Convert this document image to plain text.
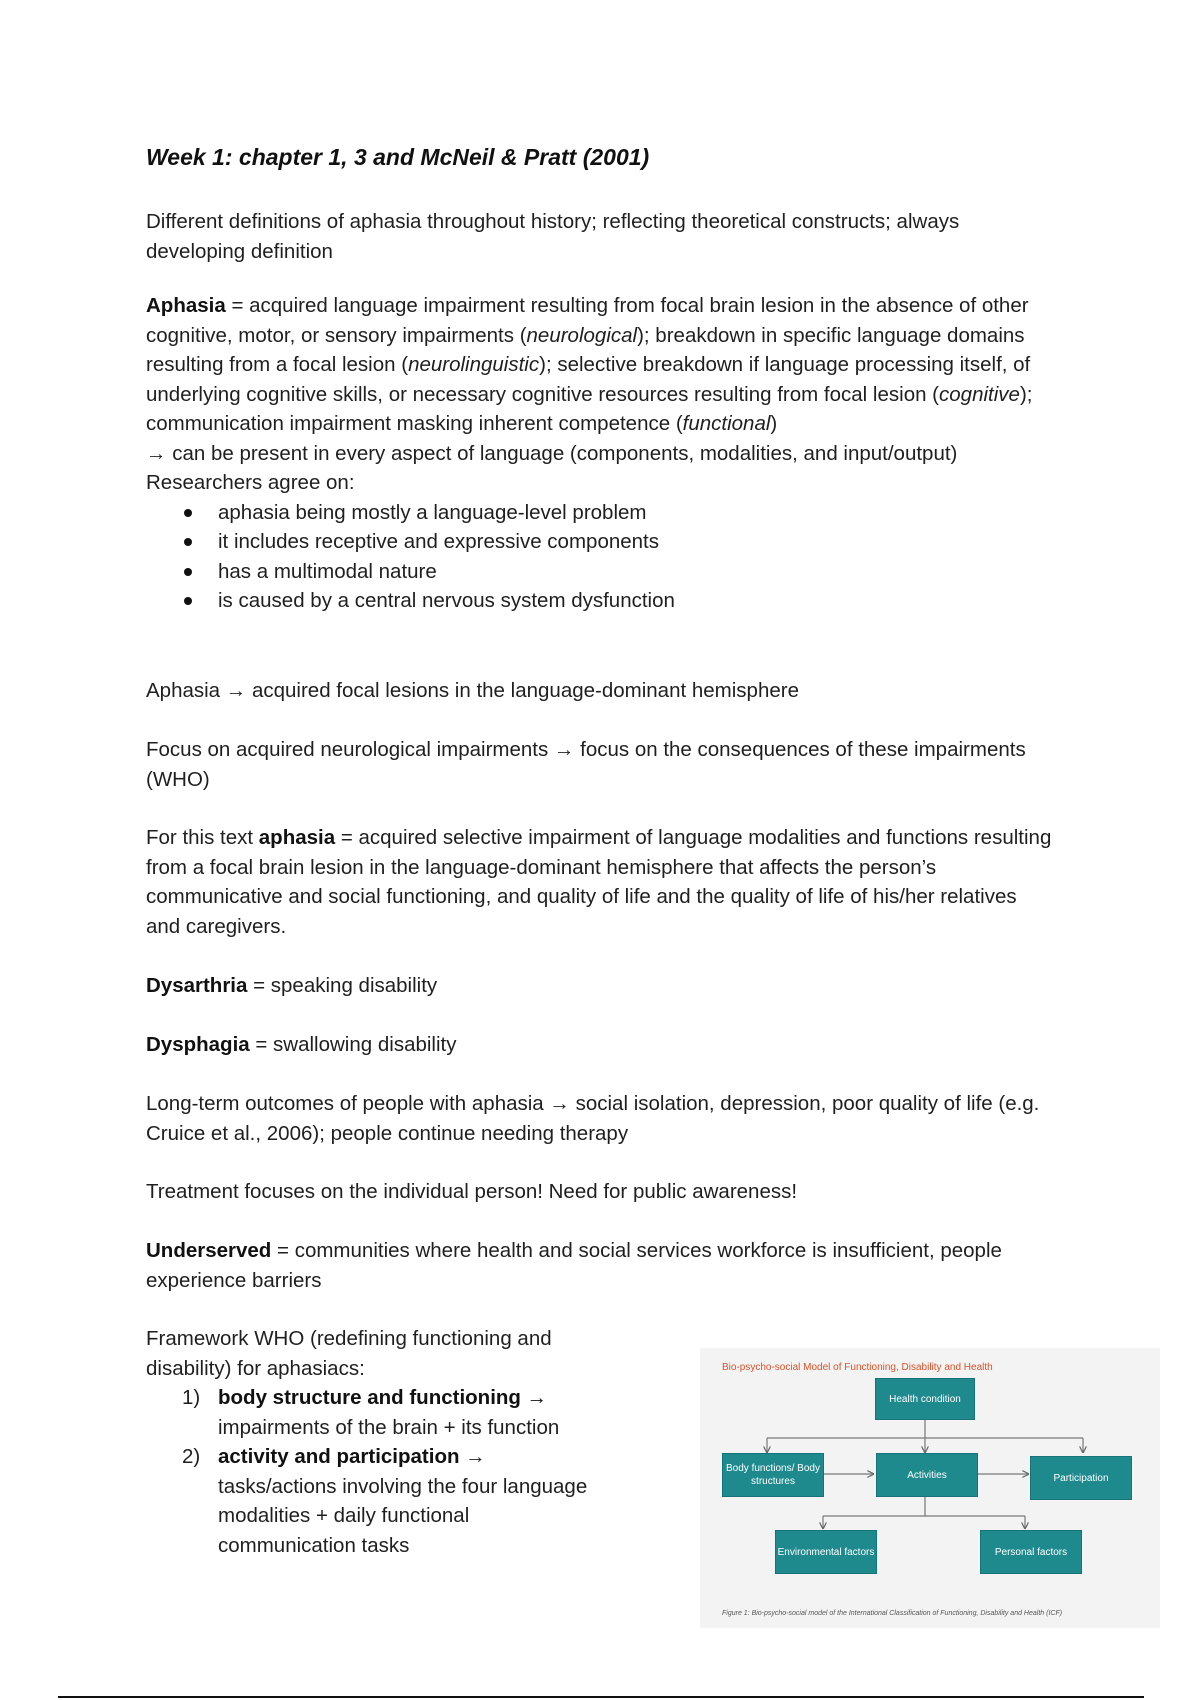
Week 1: chapter 1, 3 and McNeil & Pratt (2001)

Different definitions of aphasia throughout history; reflecting theoretical constructs; always developing definition

Aphasia = acquired language impairment resulting from focal brain lesion in the absence of other cognitive, motor, or sensory impairments (neurological); breakdown in specific language domains resulting from a focal lesion (neurolinguistic); selective breakdown if language processing itself, of underlying cognitive skills, or necessary cognitive resources resulting from focal lesion (cognitive); communication impairment masking inherent competence (functional)

→ can be present in every aspect of language (components, modalities, and input/output)

Researchers agree on:

aphasia being mostly a language-level problem
it includes receptive and expressive components
has a multimodal nature
is caused by a central nervous system dysfunction

Aphasia → acquired focal lesions in the language-dominant hemisphere

Focus on acquired neurological impairments → focus on the consequences of these impairments (WHO)

For this text aphasia = acquired selective impairment of language modalities and functions resulting from a focal brain lesion in the language-dominant hemisphere that affects the person’s communicative and social functioning, and quality of life and the quality of life of his/her relatives and caregivers.

Dysarthria = speaking disability

Dysphagia = swallowing disability

Long-term outcomes of people with aphasia → social isolation, depression, poor quality of life (e.g. Cruice et al., 2006); people continue needing therapy

Treatment focuses on the individual person! Need for public awareness!

Underserved = communities where health and social services workforce is insufficient, people experience barriers

Framework WHO (redefining functioning and disability) for aphasiacs:

1) body structure and functioning → impairments of the brain + its function
2) activity and participation → tasks/actions involving the four language modalities + daily functional communication tasks
Bio-psycho-social Model of Functioning, Disability and Health
Health condition
Body functions/ Body structures
Activities	Participation
Environmental factors	Personal factors
Figure 1: Bio-psycho-social model of the International Classification of Functioning, Disability and Health (ICF)
